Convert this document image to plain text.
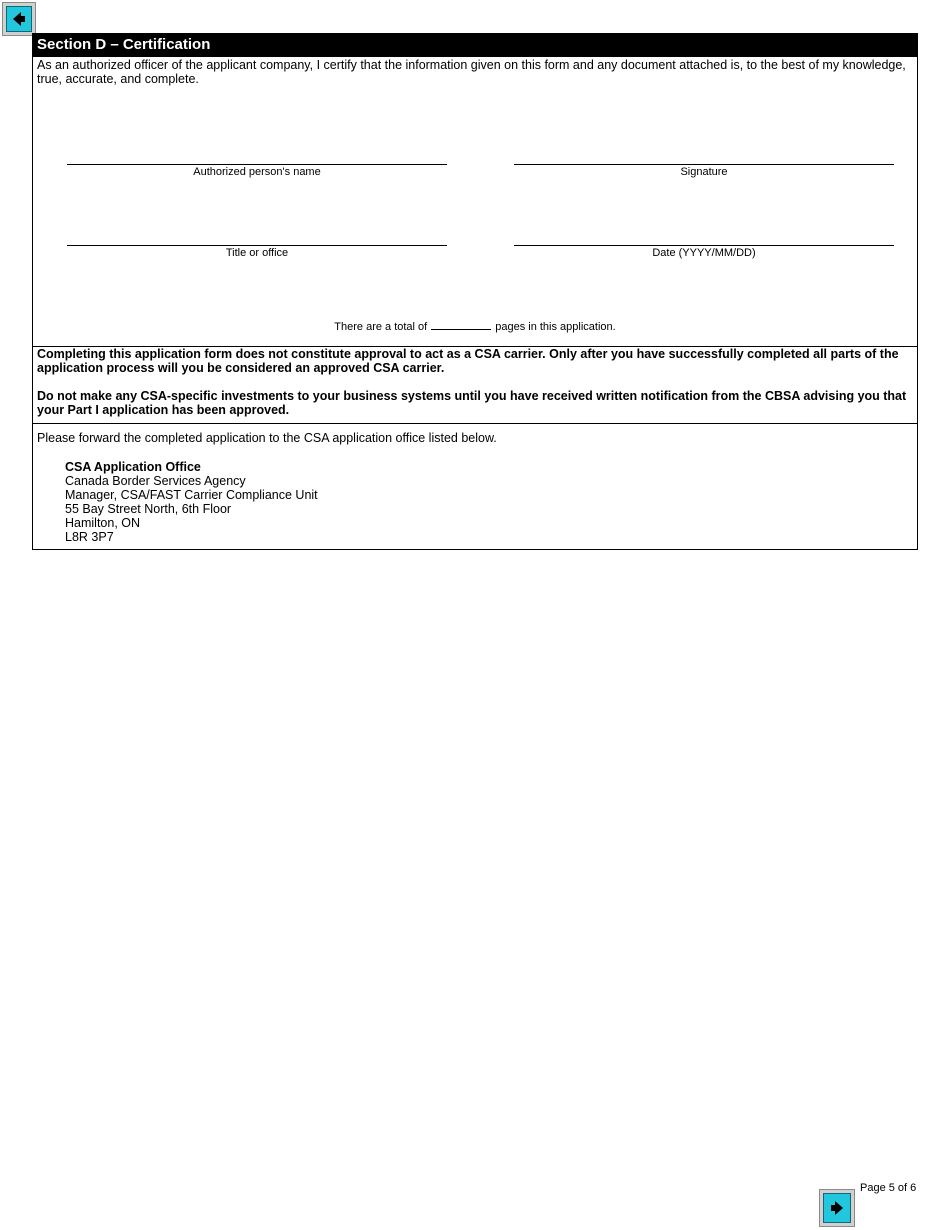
Section D – Certification
As an authorized officer of the applicant company, I certify that the information given on this form and any document attached is, to the best of my knowledge, true, accurate, and complete.
Authorized person's name	Signature
Title or office	Date (YYYY/MM/DD)
There are a total of	pages in this application.

Completing this application form does not constitute approval to act as a CSA carrier. Only after you have successfully completed all parts of the application process will you be considered an approved CSA carrier.

Do not make any CSA-specific investments to your business systems until you have received written notification from the CBSA advising you that your Part I application has been approved.

Please forward the completed application to the CSA application office listed below.
CSA Application Office
Canada Border Services Agency
Manager, CSA/FAST Carrier Compliance Unit
55 Bay Street North, 6th Floor
Hamilton, ON
L8R 3P7
Page 5 of 6
